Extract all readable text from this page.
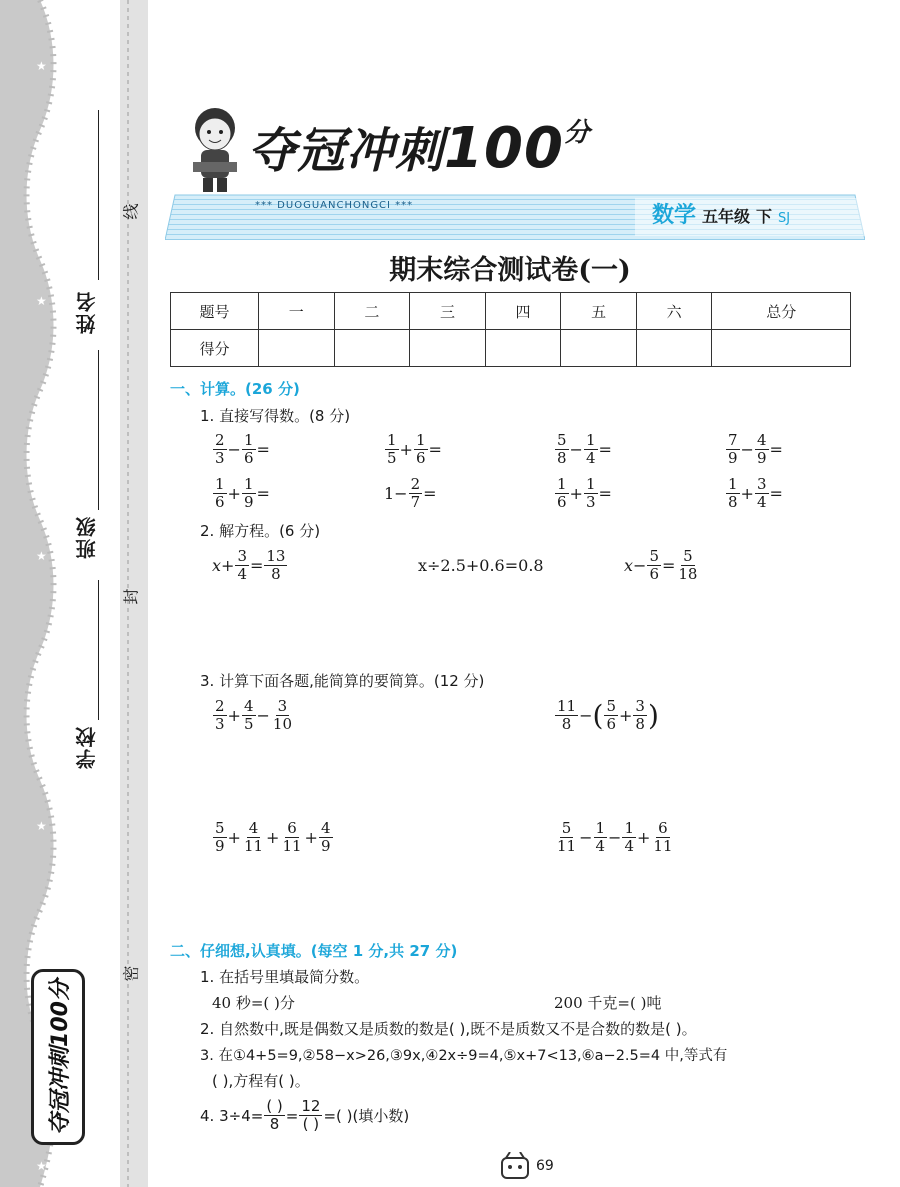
★
★
★
★
★
★
★
★
★
姓名
班级
学校
线
封
密
夺冠冲刺100分
夺冠冲刺$100^分$
*** DUOGUANCHONGCI ***	数学 五年级 下 SJ
期末综合测试卷(一)
题号	一	二	三	四	五	六	总分
得分							
一、计算。(26 分)
1. 直接写得数。(8 分)
$\frac{2}{3} - \frac{1}{6}$ =	$\frac{1}{5} + \frac{1}{6}$ =	$\frac{5}{8} - \frac{1}{4}$ =	$\frac{7}{9} - \frac{4}{9}$ =
$\frac{1}{6} + \frac{1}{9}$ =	$1- \frac{2}{7}$ =	$\frac{1}{6} + \frac{1}{3}$ =	$\frac{1}{8} + \frac{3}{4}$ =
2. 解方程。(6 分)
$x+ \frac{3}{4} = \frac{13}{8}$	x÷2.5+0.6=0.8	$x- \frac{5}{6} = \frac{5}{18}$
3. 计算下面各题,能简算的要简算。(12 分)
$\frac{2}{3} + \frac{4}{5} - \frac{3}{10}$	$\frac{11}{8}$ − ( $\frac{5}{6} + \frac{3}{8}$ )
$\frac{5}{9} + \frac{4}{11} + \frac{6}{11} + \frac{4}{9}$	$\frac{5}{11} - \frac{1}{4} - \frac{1}{4} + \frac{6}{11}$
二、仔细想,认真填。(每空 1 分,共 27 分)
1. 在括号里填最简分数。
40 秒=( )分	200 千克=( )吨
2. 自然数中,既是偶数又是质数的数是( ),既不是质数又不是合数的数是( )。
3. 在①4+5=9,②58−x>26,③9x,④2x÷9=4,⑤x+7<13,⑥a−2.5=4 中,等式有
( ),方程有( )。
4. $3\div 4= \frac{( )}{8} = \frac{12}{( )}$ =( )(填小数)
69
